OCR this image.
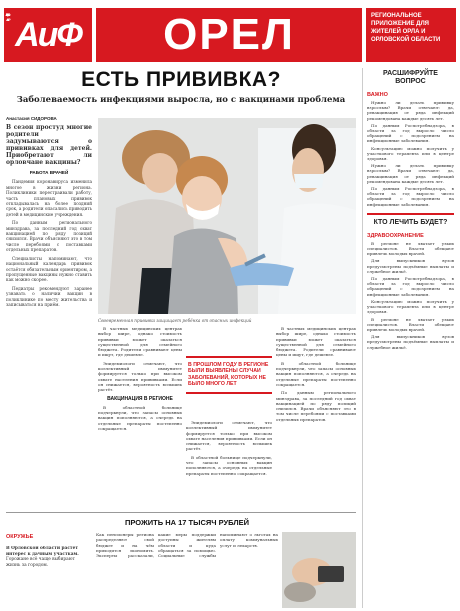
№ 16 | 2022
АиФ АиФ ОРЕЛ	РЕГИОНАЛЬНОЕ ПРИЛОЖЕНИЕ ДЛЯ ЖИТЕЛЕЙ ОРЛА И ОРЛОВСКОЙ ОБЛАСТИ
ЕСТЬ ПРИВИВКА?
Заболеваемость инфекциями выросла, но с вакцинами проблема
Анастасия СИДОРОВА

В сезон простуд многие родители задумываются о прививках для детей. Приобретают ли орловчане вакцины?

РАБОТА ВРАЧЕЙ

Пандемия коронавируса изменила многое в жизни региона. Поликлиники перестраивали работу, часть плановых прививок откладывалась на более поздний срок, а родители опасались приводить детей в медицинские учреждения.

По данным регионального минздрава, за последний год охват вакцинацией по ряду позиций снизился. Врачи объясняют это в том числе перебоями с поставками отдельных препаратов.

Специалисты напоминают, что национальный календарь прививок остаётся обязательным ориентиром, а пропущенные вакцины нужно ставить как можно скорее.

Педиатры рекомендуют заранее узнавать о наличии вакцин в поликлинике по месту жительства и записываться на приём.

Своевременная прививка защищает ребёнка от опасных инфекций

В частных медицинских центрах выбор шире, однако стоимость прививки может оказаться существенной для семейного бюджета. Родители сравнивают цены и ищут, где дешевле.

Эпидемиологи отмечают, что коллективный иммунитет формируется только при высоком охвате населения прививками. Если он снижается, вероятность вспышек растёт.

ВАКЦИНАЦИЯ В РЕГИОНЕ

В областной больнице подчеркнули, что запасы основных вакцин пополняются, а очередь на отдельные препараты постепенно сокращается.

В ПРОШЛОМ ГОДУ В РЕГИОНЕ БЫЛИ ВЫЯВЛЕНЫ СЛУЧАИ ЗАБОЛЕВАНИЙ, КОТОРЫХ НЕ БЫЛО МНОГО ЛЕТ

Эпидемиологи отмечают, что коллективный иммунитет формируется только при высоком охвате населения прививками. Если он снижается, вероятность вспышек растёт.

В областной больнице подчеркнули, что запасы основных вакцин пополняются, а очередь на отдельные препараты постепенно сокращается.

В частных медицинских центрах выбор шире, однако стоимость прививки может оказаться существенной для семейного бюджета. Родители сравнивают цены и ищут, где дешевле.

В областной больнице подчеркнули, что запасы основных вакцин пополняются, а очередь на отдельные препараты постепенно сокращается.

По данным регионального минздрава, за последний год охват вакцинацией по ряду позиций снизился. Врачи объясняют это в том числе перебоями с поставками отдельных препаратов.

РАСШИФРУЙТЕ ВОПРОС
ВАЖНО

Нужно ли делать прививку взрослым? Врачи отвечают: да, ревакцинация от ряда инфекций рекомендована каждые десять лет.

По данным Роспотребнадзора, в области за год выросло число обращений с подозрением на инфекционные заболевания.

Консультацию можно получить у участкового терапевта или в центре здоровья.

Нужно ли делать прививку взрослым? Врачи отвечают: да, ревакцинация от ряда инфекций рекомендована каждые десять лет.

По данным Роспотребнадзора, в области за год выросло число обращений с подозрением на инфекционные заболевания.

КТО ЛЕЧИТЬ БУДЕТ?
ЗДРАВООХРАНЕНИЕ

В регионе не хватает узких специалистов. Власти обещают привлечь молодых врачей.

Для выпускников вузов предусмотрены подъёмные выплаты и служебное жильё.

По данным Роспотребнадзора, в области за год выросло число обращений с подозрением на инфекционные заболевания.

Консультацию можно получить у участкового терапевта или в центре здоровья.

В регионе не хватает узких специалистов. Власти обещают привлечь молодых врачей.

Для выпускников вузов предусмотрены подъёмные выплаты и служебное жильё.

ОКРУЖЬЕ

В Орловской области растёт интерес к дачным участкам.

Горожане всё чаще выбирают жизнь за городом.

ПРОЖИТЬ НА 17 ТЫСЯЧ РУБЛЕЙ
Как пенсионеры региона распределяют свой бюджет и на чём приходится экономить. Эксперты рассказали, какие меры поддержки доступны жителям области и куда обращаться за помощью. Социальные службы напоминают о льготах на оплату коммунальных услуг и лекарств.
